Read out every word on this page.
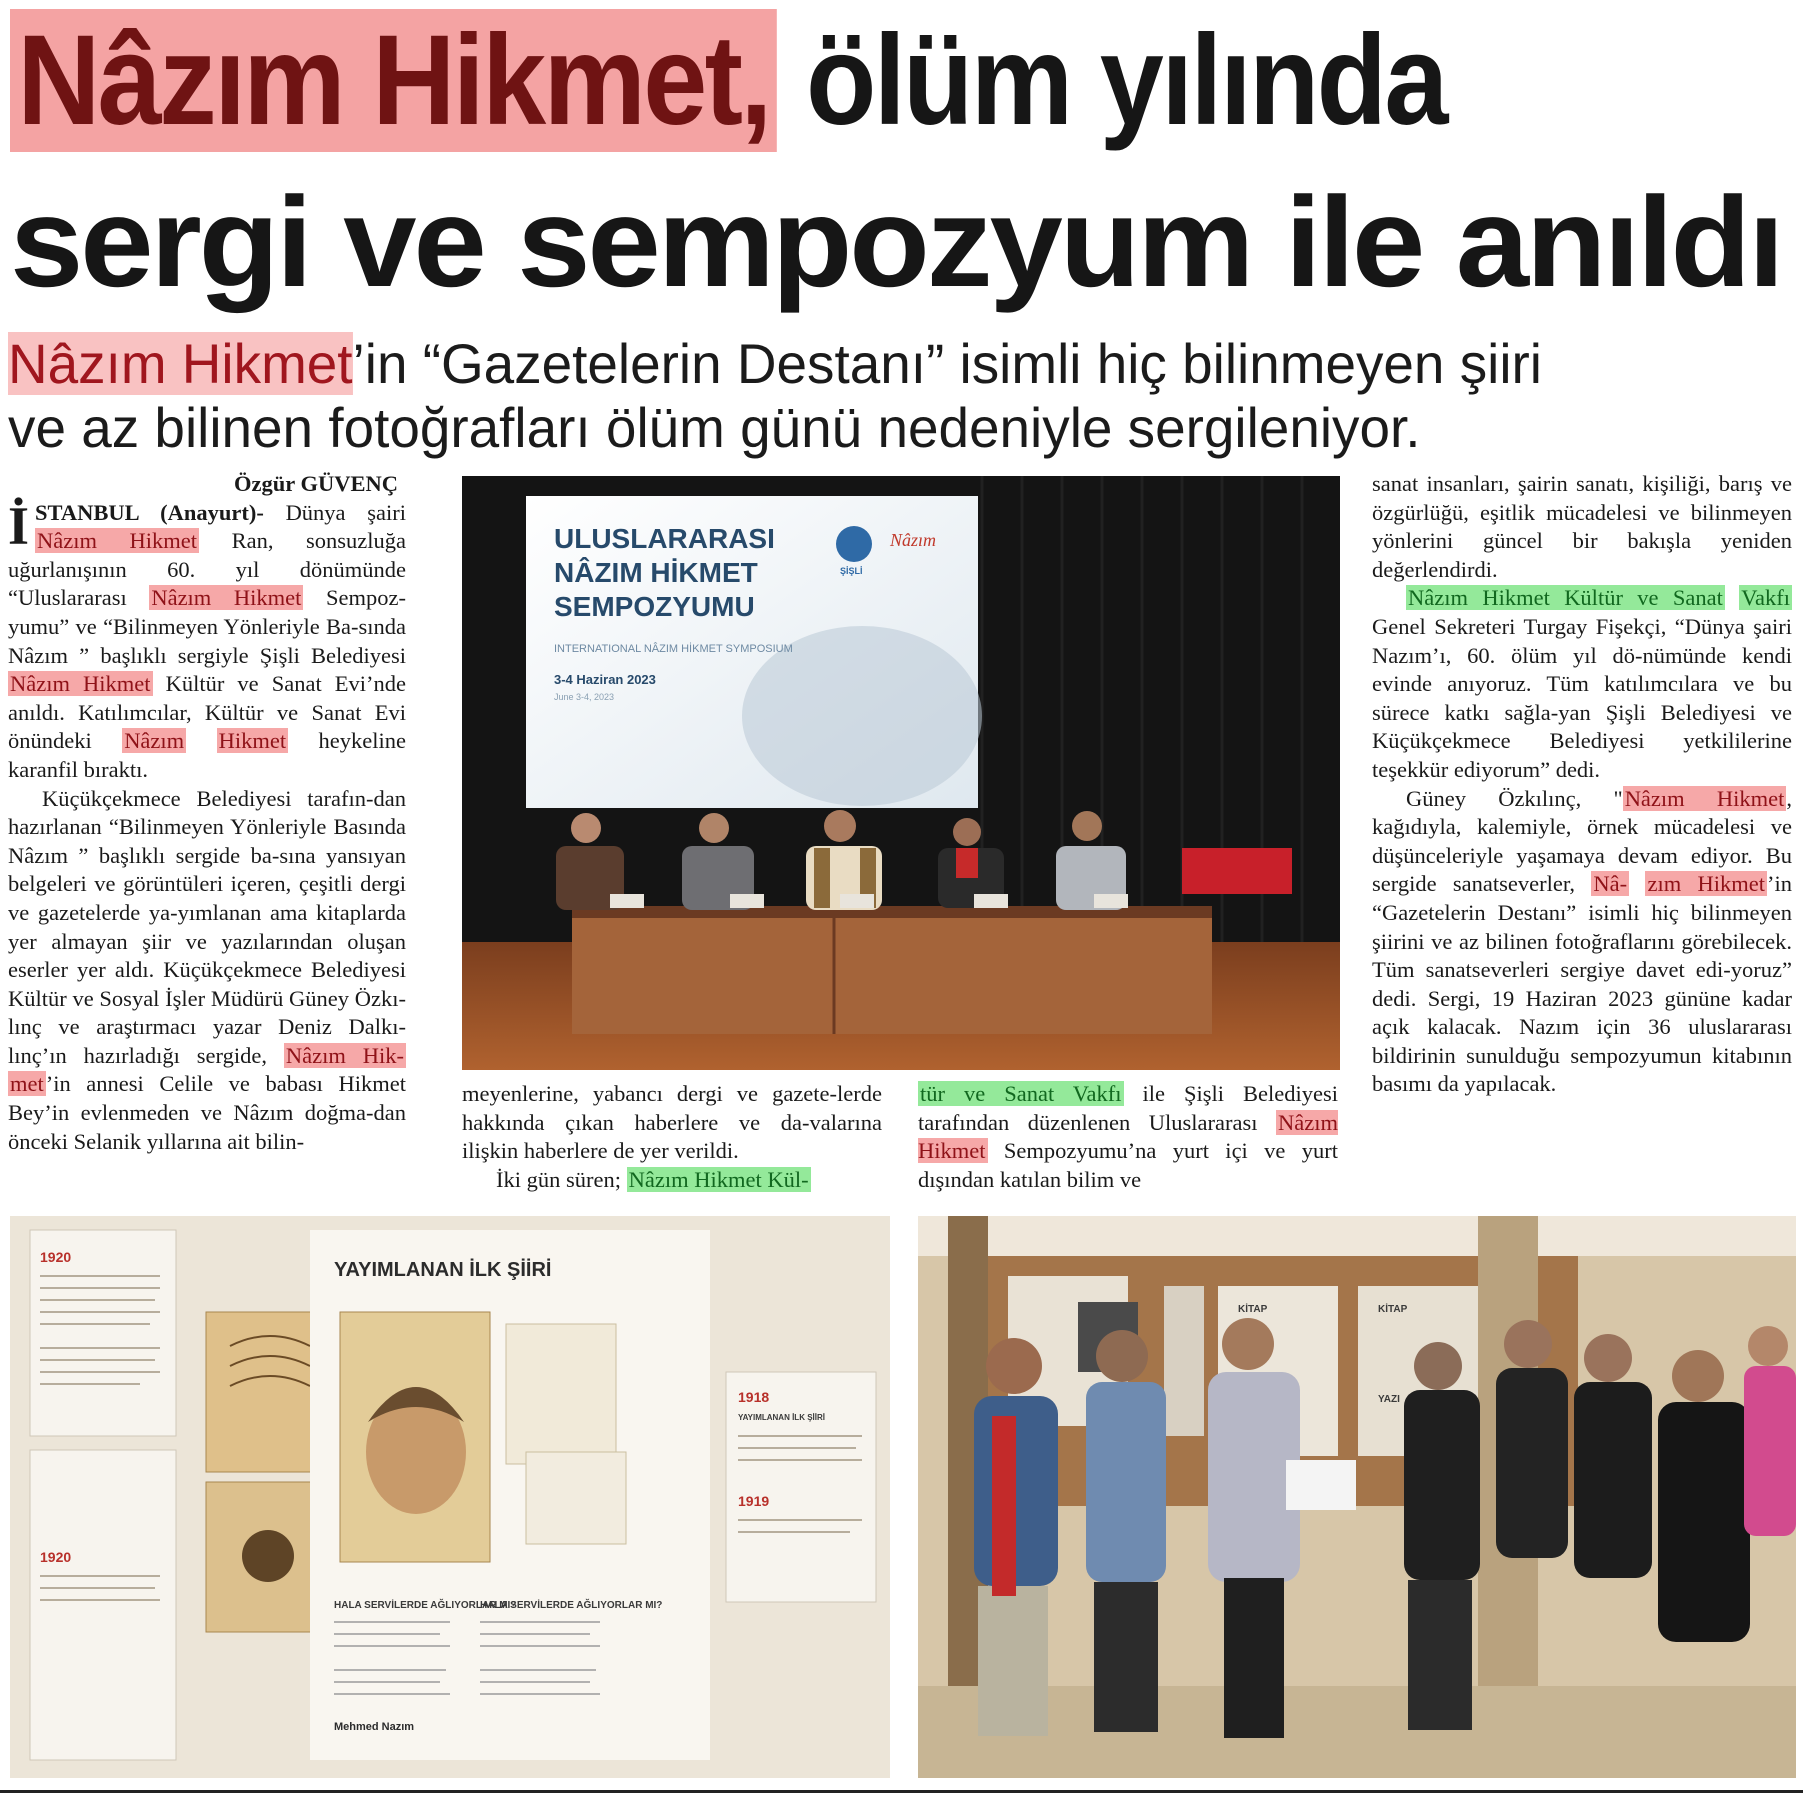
Nâzım Hikmet, ölüm yılında
sergi ve sempozyum ile anıldı
Nâzım Hikmet’in “Gazetelerin Destanı” isimli hiç bilinmeyen şiiri
ve az bilinen fotoğrafları ölüm günü nedeniyle sergileniyor.
Özgür GÜVENÇ

İSTANBUL (Anayurt)- Dünya şairi Nâzım Hikmet Ran, sonsuzluğa uğurlanışının 60. yıl dönümünde “Uluslararası Nâzım Hikmet Sempoz-yumu” ve “Bilinmeyen Yönleriyle Ba-sında Nâzım ” başlıklı sergiyle Şişli Belediyesi Nâzım Hikmet Kültür ve Sanat Evi’nde anıldı. Katılımcılar, Kültür ve Sanat Evi önündeki Nâzım Hikmet heykeline karanfil bıraktı.

Küçükçekmece Belediyesi tarafın-dan hazırlanan “Bilinmeyen Yönleriyle Basında Nâzım ” başlıklı sergide ba-sına yansıyan belgeleri ve görüntüleri içeren, çeşitli dergi ve gazetelerde ya-yımlanan ama kitaplarda yer almayan şiir ve yazılarından oluşan eserler yer aldı. Küçükçekmece Belediyesi Kültür ve Sosyal İşler Müdürü Güney Özkı-lınç ve araştırmacı yazar Deniz Dalkı-lınç’ın hazırladığı sergide, Nâzım Hik-met’in annesi Celile ve babası Hikmet Bey’in evlenmeden ve Nâzım doğma-dan önceki Selanik yıllarına ait bilin-

ULUSLARARASI
NÂZIM HİKMET
SEMPOZYUMU
INTERNATIONAL NÂZIM HİKMET SYMPOSIUM
3-4 Haziran 2023
June 3-4, 2023
ŞİŞLİ
Nâzım

meyenlerine, yabancı dergi ve gazete-lerde hakkında çıkan haberlere ve da-valarına ilişkin haberlere de yer verildi.

İki gün süren; Nâzım Hikmet Kül-

tür ve Sanat Vakfı ile Şişli Belediyesi tarafından düzenlenen Uluslararası Nâzım Hikmet Sempozyumu’na yurt içi ve yurt dışından katılan bilim ve

sanat insanları, şairin sanatı, kişiliği, barış ve özgürlüğü, eşitlik mücadelesi ve bilinmeyen yönlerini güncel bir bakışla yeniden değerlendirdi.

Nâzım Hikmet Kültür ve Sanat Vakfı Genel Sekreteri Turgay Fişekçi, “Dünya şairi Nazım’ı, 60. ölüm yıl dö-nümünde kendi evinde anıyoruz. Tüm katılımcılara ve bu sürece katkı sağla-yan Şişli Belediyesi ve Küçükçekmece Belediyesi yetkililerine teşekkür ediyorum” dedi.

Güney Özkılınç, "Nâzım Hikmet, kağıdıyla, kalemiyle, örnek mücadelesi ve düşünceleriyle yaşamaya devam ediyor. Bu sergide sanatseverler, Nâ- zım Hikmet’in “Gazetelerin Destanı” isimli hiç bilinmeyen şiirini ve az bilinen fotoğraflarını görebilecek. Tüm sanatseverleri sergiye davet edi-yoruz” dedi. Sergi, 19 Haziran 2023 gününe kadar açık kalacak. Nazım için 36 uluslararası bildirinin sunulduğu sempozyumun kitabının basımı da yapılacak.

1920
1920
YAYIMLANAN İLK ŞİİRİ
HALA SERVİLERDE AĞLIYORLAR MI?
HALA SERVİLERDE AĞLIYORLAR MI?
Mehmed Nazım
1918
YAYIMLANAN İLK ŞİİRİ
1919
KİTAP
YAZI
KİTAP
